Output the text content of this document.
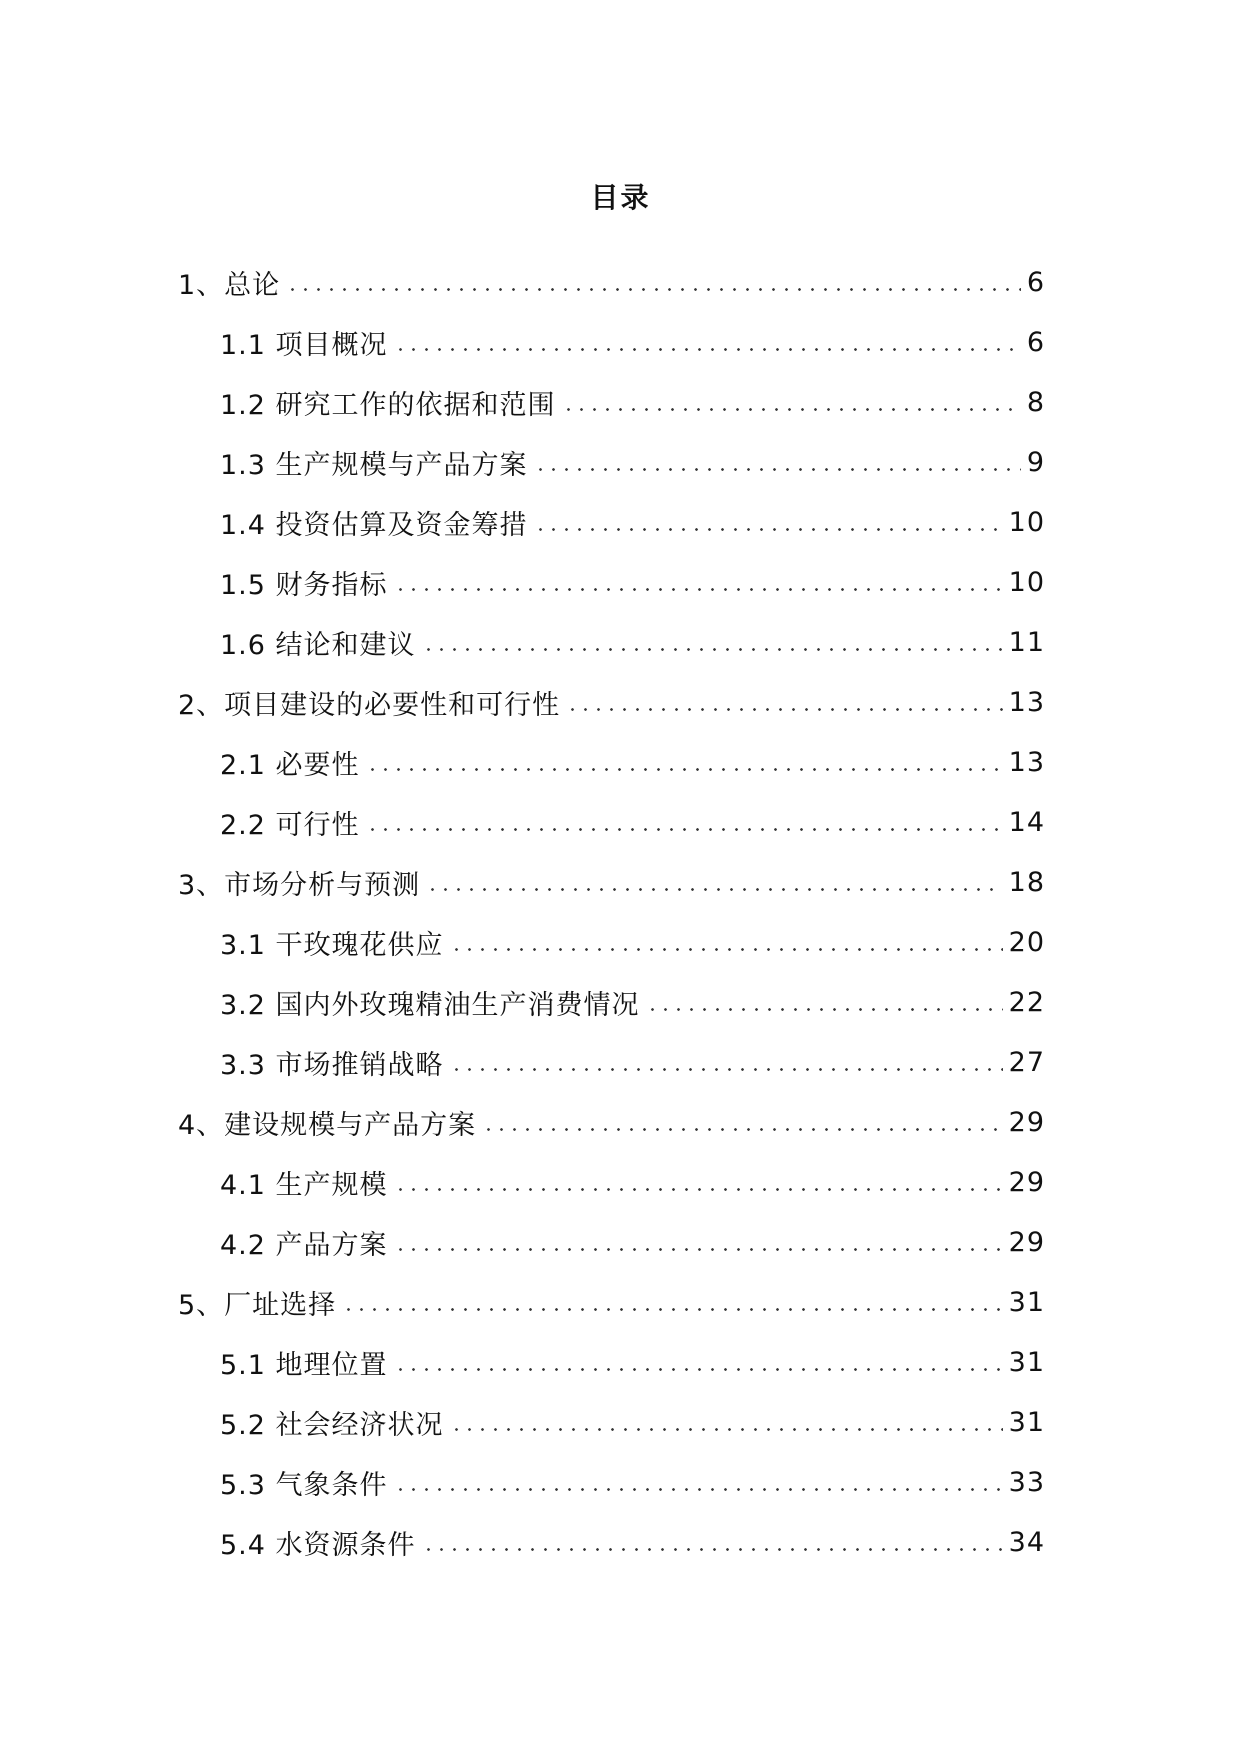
目录
1、总论	6
1.1 项目概况	6
1.2 研究工作的依据和范围	8
1.3 生产规模与产品方案	9
1.4 投资估算及资金筹措	10
1.5 财务指标	10
1.6 结论和建议	11
2、项目建设的必要性和可行性	13
2.1 必要性	13
2.2 可行性	14
3、市场分析与预测	18
3.1 干玫瑰花供应	20
3.2 国内外玫瑰精油生产消费情况	22
3.3 市场推销战略	27
4、建设规模与产品方案	29
4.1 生产规模	29
4.2 产品方案	29
5、厂址选择	31
5.1 地理位置	31
5.2 社会经济状况	31
5.3 气象条件	33
5.4 水资源条件	34
